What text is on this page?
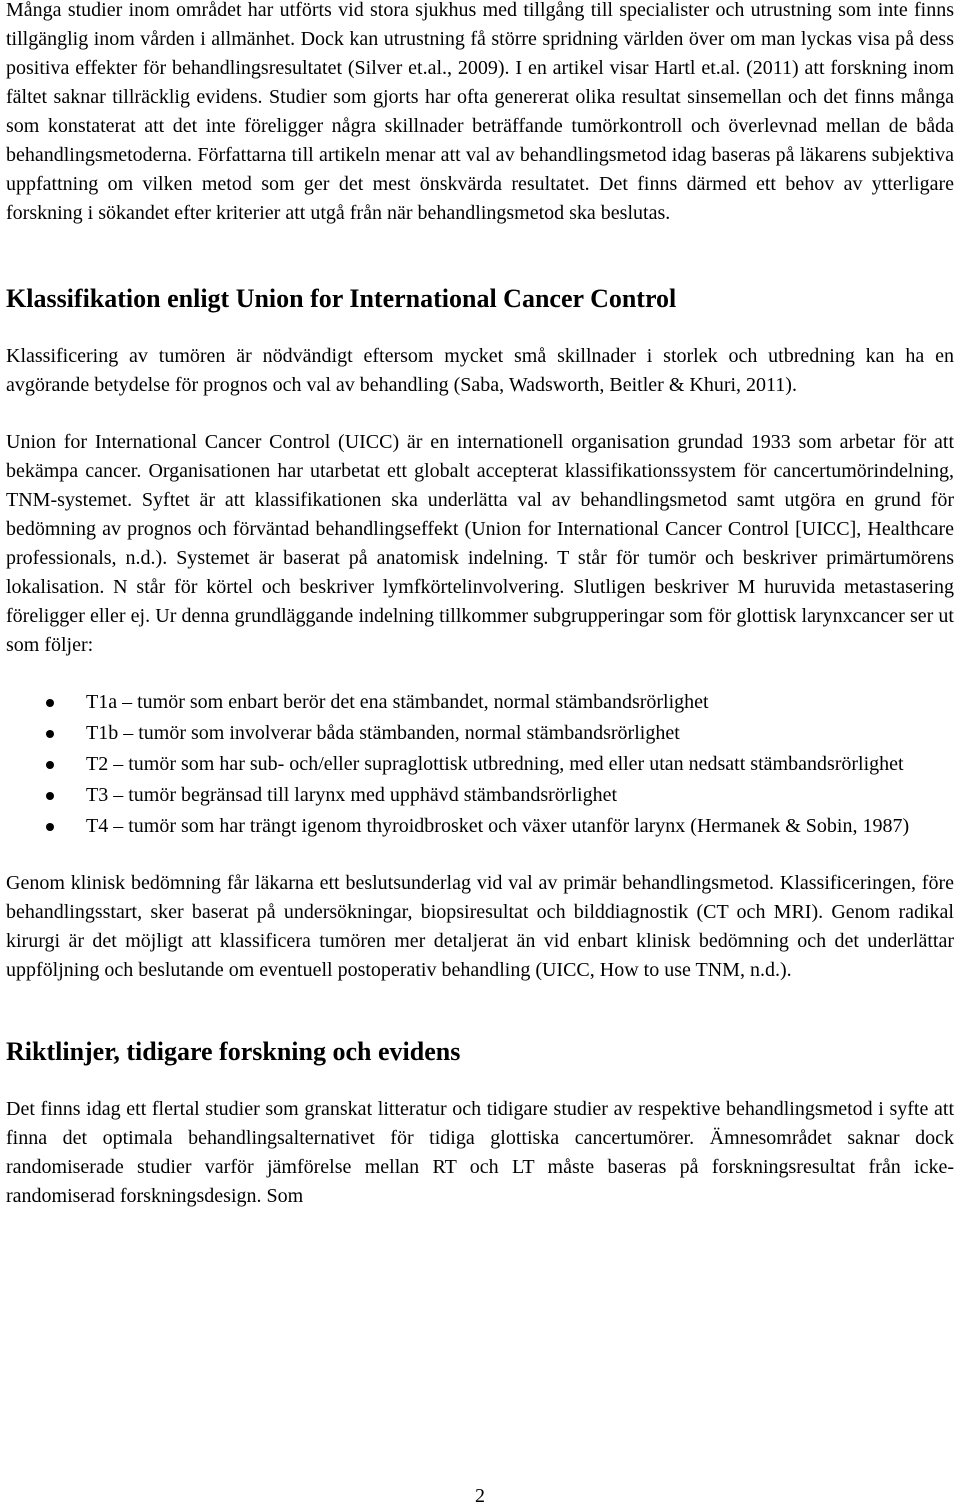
Många studier inom området har utförts vid stora sjukhus med tillgång till specialister och utrustning som inte finns tillgänglig inom vården i allmänhet. Dock kan utrustning få större spridning världen över om man lyckas visa på dess positiva effekter för behandlingsresultatet (Silver et.al., 2009). I en artikel visar Hartl et.al. (2011) att forskning inom fältet saknar tillräcklig evidens. Studier som gjorts har ofta genererat olika resultat sinsemellan och det finns många som konstaterat att det inte föreligger några skillnader beträffande tumörkontroll och överlevnad mellan de båda behandlingsmetoderna. Författarna till artikeln menar att val av behandlingsmetod idag baseras på läkarens subjektiva uppfattning om vilken metod som ger det mest önskvärda resultatet. Det finns därmed ett behov av ytterligare forskning i sökandet efter kriterier att utgå från när behandlingsmetod ska beslutas.

Klassifikation enligt Union for International Cancer Control

Klassificering av tumören är nödvändigt eftersom mycket små skillnader i storlek och utbredning kan ha en avgörande betydelse för prognos och val av behandling (Saba, Wadsworth, Beitler & Khuri, 2011).

Union for International Cancer Control (UICC) är en internationell organisation grundad 1933 som arbetar för att bekämpa cancer. Organisationen har utarbetat ett globalt accepterat klassifikationssystem för cancertumörindelning, TNM-systemet. Syftet är att klassifikationen ska underlätta val av behandlingsmetod samt utgöra en grund för bedömning av prognos och förväntad behandlingseffekt (Union for International Cancer Control [UICC], Healthcare professionals, n.d.). Systemet är baserat på anatomisk indelning. T står för tumör och beskriver primärtumörens lokalisation. N står för körtel och beskriver lymfkörtelinvolvering. Slutligen beskriver M huruvida metastasering föreligger eller ej. Ur denna grundläggande indelning tillkommer subgrupperingar som för glottisk larynxcancer ser ut som följer:

T1a – tumör som enbart berör det ena stämbandet, normal stämbandsrörlighet
T1b – tumör som involverar båda stämbanden, normal stämbandsrörlighet
T2 – tumör som har sub- och/eller supraglottisk utbredning, med eller utan nedsatt stämbandsrörlighet
T3 – tumör begränsad till larynx med upphävd stämbandsrörlighet
T4 – tumör som har trängt igenom thyroidbrosket och växer utanför larynx (Hermanek & Sobin, 1987)

Genom klinisk bedömning får läkarna ett beslutsunderlag vid val av primär behandlingsmetod. Klassificeringen, före behandlingsstart, sker baserat på undersökningar, biopsiresultat och bilddiagnostik (CT och MRI). Genom radikal kirurgi är det möjligt att klassificera tumören mer detaljerat än vid enbart klinisk bedömning och det underlättar uppföljning och beslutande om eventuell postoperativ behandling (UICC, How to use TNM, n.d.).

Riktlinjer, tidigare forskning och evidens

Det finns idag ett flertal studier som granskat litteratur och tidigare studier av respektive behandlingsmetod i syfte att finna det optimala behandlingsalternativet för tidiga glottiska cancertumörer. Ämnesområdet saknar dock randomiserade studier varför jämförelse mellan RT och LT måste baseras på forskningsresultat från icke-randomiserad forskningsdesign. Som

2
